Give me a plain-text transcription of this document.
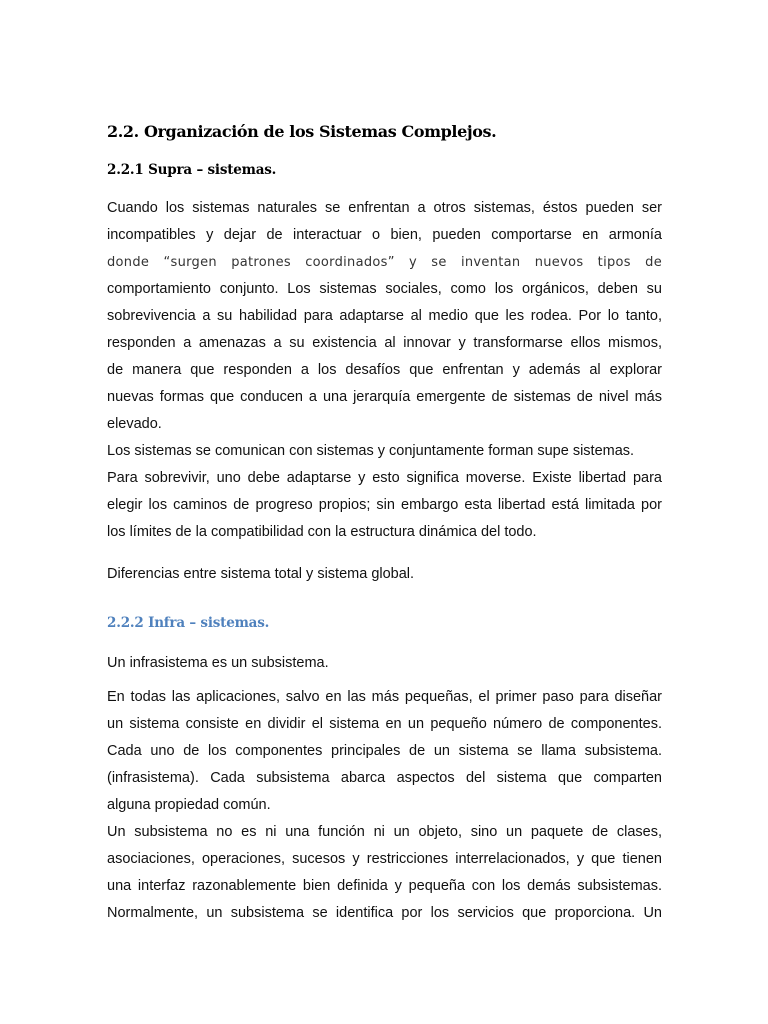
2.2. Organización de los Sistemas Complejos.
2.2.1 Supra – sistemas.
Cuando los sistemas naturales se enfrentan a otros sistemas, éstos pueden ser
incompatibles y dejar de interactuar o bien, pueden comportarse en armonía
donde “surgen patrones coordinados” y se inventan nuevos tipos de
comportamiento conjunto. Los sistemas sociales, como los orgánicos, deben su
sobrevivencia a su habilidad para adaptarse al medio que les rodea. Por lo tanto,
responden a amenazas a su existencia al innovar y transformarse ellos mismos,
de manera que responden a los desafíos que enfrentan y además al explorar
nuevas formas que conducen a una jerarquía emergente de sistemas de nivel más
elevado.
Los sistemas se comunican con sistemas y conjuntamente forman supe sistemas.
Para sobrevivir, uno debe adaptarse y esto significa moverse. Existe libertad para
elegir los caminos de progreso propios; sin embargo esta libertad está limitada por
los límites de la compatibilidad con la estructura dinámica del todo.
Diferencias entre sistema total y sistema global.
2.2.2 Infra – sistemas.
Un infrasistema es un subsistema.
En todas las aplicaciones, salvo en las más pequeñas, el primer paso para diseñar
un sistema consiste en dividir el sistema en un pequeño número de componentes.
Cada uno de los componentes principales de un sistema se llama subsistema.
(infrasistema). Cada subsistema abarca aspectos del sistema que comparten
alguna propiedad común.
Un subsistema no es ni una función ni un objeto, sino un paquete de clases,
asociaciones, operaciones, sucesos y restricciones interrelacionados, y que tienen
una interfaz razonablemente bien definida y pequeña con los demás subsistemas.
Normalmente, un subsistema se identifica por los servicios que proporciona. Un
